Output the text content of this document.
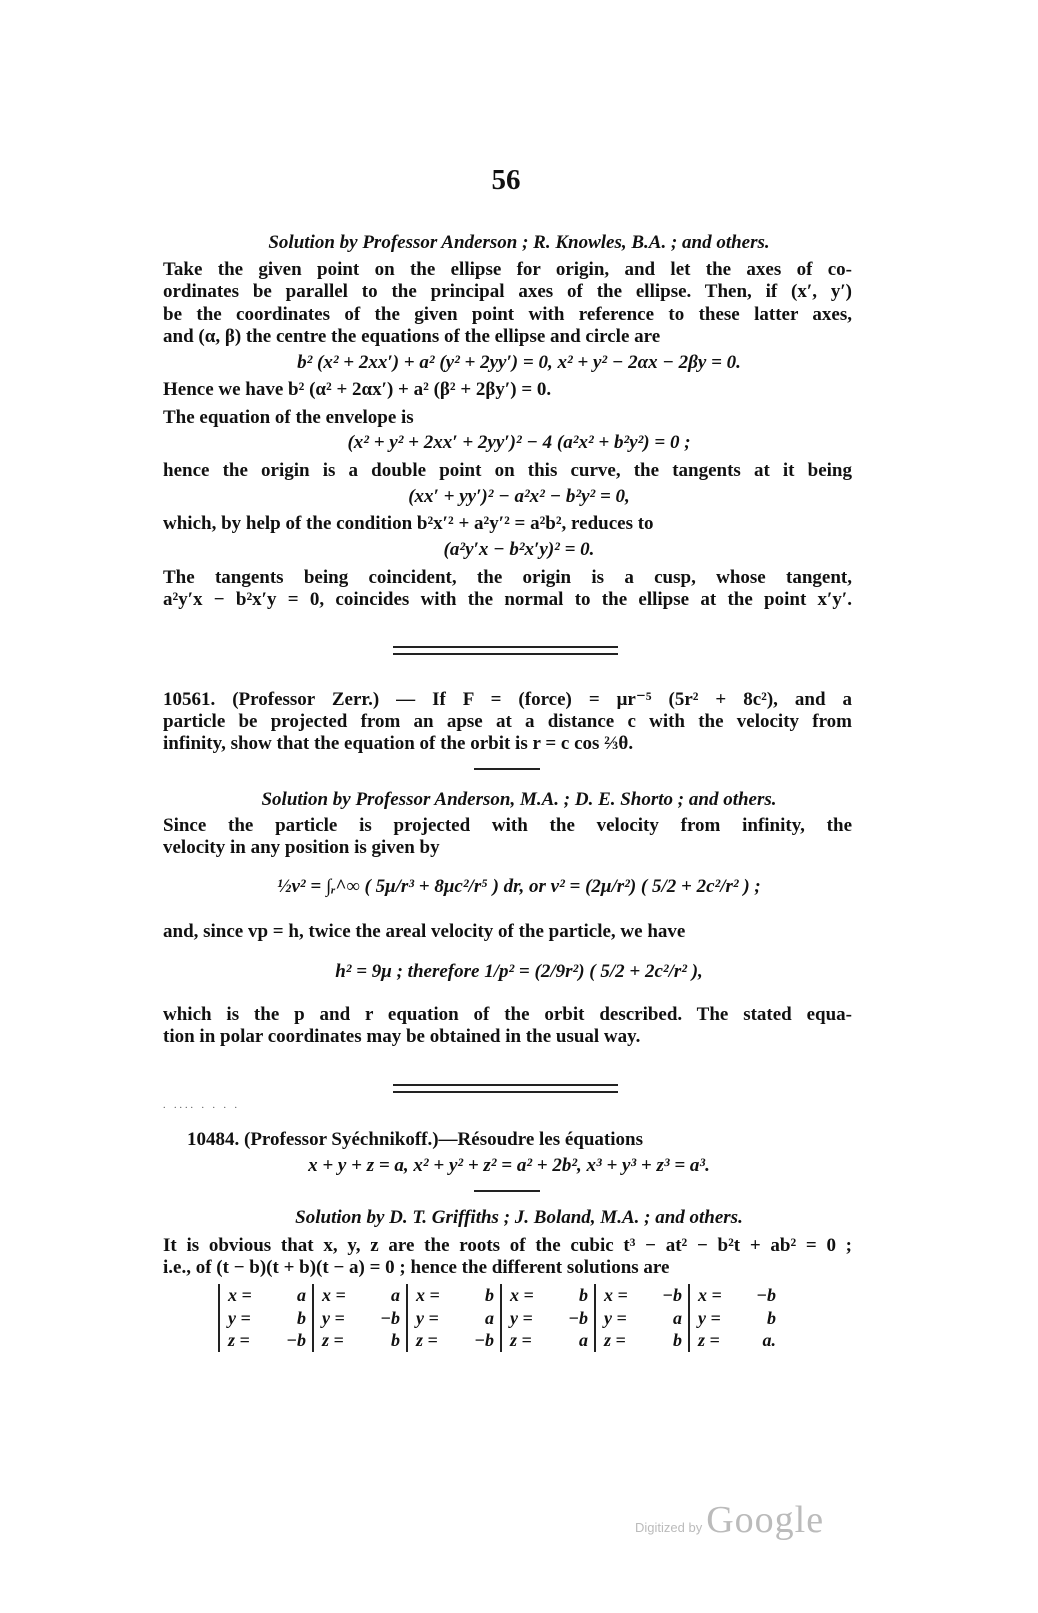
56
Solution by Professor Anderson ; R. Knowles, B.A. ; and others.
Take the given point on the ellipse for origin, and let the axes of co-
ordinates be parallel to the principal axes of the ellipse. Then, if (x′, y′)
be the coordinates of the given point with reference to these latter axes,
and (α, β) the centre the equations of the ellipse and circle are
b² (x² + 2xx′) + a² (y² + 2yy′) = 0, x² + y² − 2αx − 2βy = 0.
Hence we have b² (α² + 2αx′) + a² (β² + 2βy′) = 0.
The equation of the envelope is
(x² + y² + 2xx′ + 2yy′)² − 4 (a²x² + b²y²) = 0 ;
hence the origin is a double point on this curve, the tangents at it being
(xx′ + yy′)² − a²x² − b²y² = 0,
which, by help of the condition b²x′² + a²y′² = a²b², reduces to
(a²y′x − b²x′y)² = 0.
The tangents being coincident, the origin is a cusp, whose tangent,
a²y′x − b²x′y = 0, coincides with the normal to the ellipse at the point x′y′.
10561. (Professor Zerr.) — If F = (force) = μr⁻⁵ (5r² + 8c²), and a
particle be projected from an apse at a distance c with the velocity from
infinity, show that the equation of the orbit is r = c cos ⅔θ.
Solution by Professor Anderson, M.A. ; D. E. Shorto ; and others.
Since the particle is projected with the velocity from infinity, the
velocity in any position is given by
½v² = ∫ᵣ^∞ ( 5μ/r³ + 8μc²/r⁵ ) dr, or v² = (2μ/r²) ( 5/2 + 2c²/r² ) ;
and, since vp = h, twice the areal velocity of the particle, we have
h² = 9μ ; therefore 1/p² = (2/9r²) ( 5/2 + 2c²/r² ),
which is the p and r equation of the orbit described. The stated equa-
tion in polar coordinates may be obtained in the usual way.
10484. (Professor Syéchnikoff.)—Résoudre les équations
x + y + z = a, x² + y² + z² = a² + 2b², x³ + y³ + z³ = a³.
Solution by D. T. Griffiths ; J. Boland, M.A. ; and others.
It is obvious that x, y, z are the roots of the cubic t³ − at² − b²t + ab² = 0 ;
i.e., of (t − b)(t + b)(t − a) = 0 ; hence the different solutions are
. .... . . . .
x =	a
y =	b
z = −b
x =	a
y = −b
z =	b
x =	b
y =	a
z = −b
x =	b
y = −b
z =	a
x = −b
y =	a
z =	b
x = −b
y =	b
z = a.
Digitized by Google
